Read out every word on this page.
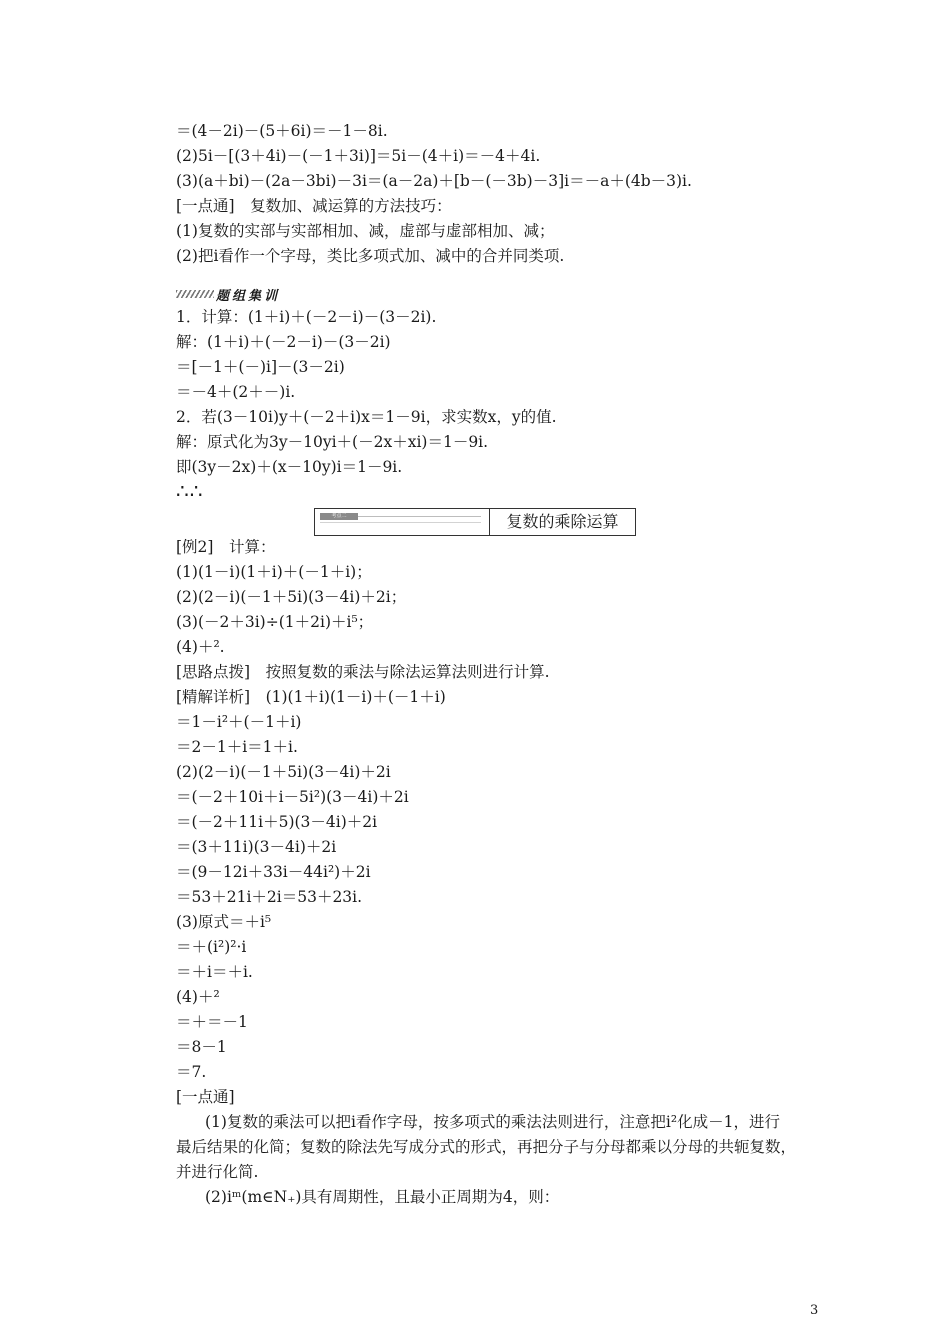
＝(4－2i)－(5＋6i)＝－1－8i.
(2)5i－[(3＋4i)－(－1＋3i)]＝5i－(4＋i)＝－4＋4i.
(3)(a＋bi)－(2a－3bi)－3i＝(a－2a)＋[b－(－3b)－3]i＝－a＋(4b－3)i.
[一点通]　复数加、减运算的方法技巧：
(1)复数的实部与实部相加、减，虚部与虚部相加、减；
(2)把i看作一个字母，类比多项式加、减中的合并同类项.
题组集训
1．计算：(1＋i)＋(－2－i)－(3－2i).
解：(1＋i)＋(－2－i)－(3－2i)
＝[－1＋(－)i]－(3－2i)
＝－4＋(2＋－)i.
2．若(3－10i)y＋(－2＋i)x＝1－9i，求实数x，y的值.
解：原式化为3y－10yi＋(－2x＋xi)＝1－9i.
即(3y－2x)＋(x－10y)i＝1－9i.
∴∴
考点二	复数的乘除运算
[例2]　计算：
(1)(1－i)(1＋i)＋(－1＋i)；
(2)(2－i)(－1＋5i)(3－4i)＋2i；
(3)(－2＋3i)÷(1＋2i)＋i⁵；
(4)＋².
[思路点拨]　按照复数的乘法与除法运算法则进行计算.
[精解详析]　(1)(1＋i)(1－i)＋(－1＋i)
＝1－i²＋(－1＋i)
＝2－1＋i＝1＋i.
(2)(2－i)(－1＋5i)(3－4i)＋2i
＝(－2＋10i＋i－5i²)(3－4i)＋2i
＝(－2＋11i＋5)(3－4i)＋2i
＝(3＋11i)(3－4i)＋2i
＝(9－12i＋33i－44i²)＋2i
＝53＋21i＋2i＝53＋23i.
(3)原式＝＋i⁵
＝＋(i²)²·i
＝＋i＝＋i.
(4)＋²
＝＋＝－1
＝8－1
＝7.
[一点通]
(1)复数的乘法可以把i看作字母，按多项式的乘法法则进行，注意把i²化成－1，进行
最后结果的化简；复数的除法先写成分式的形式，再把分子与分母都乘以分母的共轭复数，
并进行化简.
(2)iᵐ(m∈N₊)具有周期性，且最小正周期为4，则：
3
